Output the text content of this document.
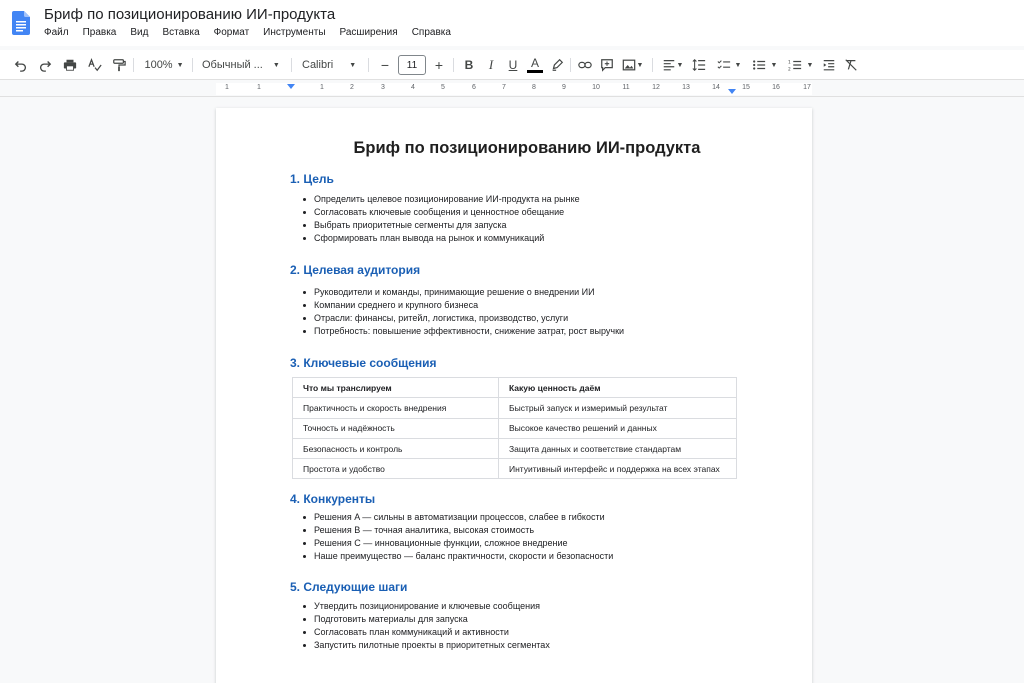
Бриф по позиционированию ИИ-продукта
Файл Правка Вид Вставка Формат Инструменты Расширения Справка
100% ▼ Обычный ... ▼ Calibri ▼ −	11	+ B	I	U	A	▼	▼	▼	▼ 1
2
▼
1	1	1	2	3	4	5	6	7	8	9	10	11	12	13	14	15	16	17
Бриф по позиционированию ИИ-продукта
1. Цель
Определить целевое позиционирование ИИ-продукта на рынке
Согласовать ключевые сообщения и ценностное обещание
Выбрать приоритетные сегменты для запуска
Сформировать план вывода на рынок и коммуникаций
2. Целевая аудитория
Руководители и команды, принимающие решение о внедрении ИИ
Компании среднего и крупного бизнеса
Отрасли: финансы, ритейл, логистика, производство, услуги
Потребность: повышение эффективности, снижение затрат, рост выручки
3. Ключевые сообщения
Что мы транслируем	Какую ценность даём
Практичность и скорость внедрения	Быстрый запуск и измеримый результат
Точность и надёжность	Высокое качество решений и данных
Безопасность и контроль	Защита данных и соответствие стандартам
Простота и удобство	Интуитивный интерфейс и поддержка на всех этапах
4. Конкуренты
Решения A — сильны в автоматизации процессов, слабее в гибкости
Решения B — точная аналитика, высокая стоимость
Решения C — инновационные функции, сложное внедрение
Наше преимущество — баланс практичности, скорости и безопасности
5. Следующие шаги
Утвердить позиционирование и ключевые сообщения
Подготовить материалы для запуска
Согласовать план коммуникаций и активности
Запустить пилотные проекты в приоритетных сегментах
